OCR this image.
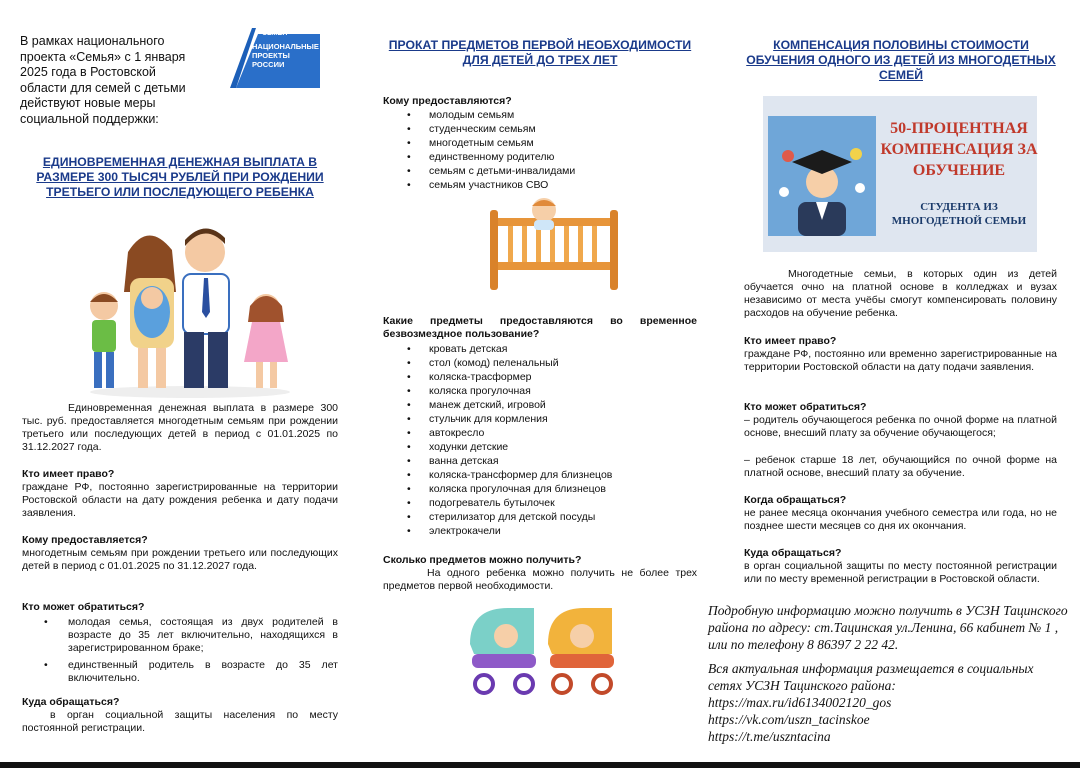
В рамках национального проекта «Семья» с 1 января 2025 года в Ростовской области для семей с детьми действуют новые меры социальной поддержки:
СЕМЬЯ
НАЦИОНАЛЬНЫЕ ПРОЕКТЫ РОССИИ
ЕДИНОВРЕМЕННАЯ ДЕНЕЖНАЯ ВЫПЛАТА В РАЗМЕРЕ 300 ТЫСЯЧ РУБЛЕЙ ПРИ РОЖДЕНИИ ТРЕТЬЕГО ИЛИ ПОСЛЕДУЮЩЕГО РЕБЕНКА
Единовременная денежная выплата в размере 300 тыс. руб. предоставляется многодетным семьям при рождении третьего или последующих детей в период с 01.01.2025 по 31.12.2027 года.
Кто имеет право?
граждане РФ, постоянно зарегистрированные на территории Ростовской области на дату рождения ребенка и дату подачи заявления.
Кому предоставляется?
многодетным семьям при рождении третьего или последующих детей в период с 01.01.2025 по 31.12.2027 года.
Кто может обратиться?
• молодая семья, состоящая из двух родителей в возрасте до 35 лет включительно, находящихся в зарегистрированном браке;
• единственный родитель в возрасте до 35 лет включительно.
Куда обращаться?
в орган социальной защиты населения по месту постоянной регистрации.
ПРОКАТ ПРЕДМЕТОВ ПЕРВОЙ НЕОБХОДИМОСТИ ДЛЯ ДЕТЕЙ ДО ТРЕХ ЛЕТ
Кому предоставляются?
• молодым семьям
• студенческим семьям
• многодетным семьям
• единственному родителю
• семьям с детьми-инвалидами
• семьям участников СВО
Какие предметы предоставляются во временное безвозмездное пользование?
• кровать детская
• стол (комод) пеленальный
• коляска-трасформер
• коляска прогулочная
• манеж детский, игровой
• стульчик для кормления
• автокресло
• ходунки детские
• ванна детская
• коляска-трансформер для близнецов
• коляска прогулочная для близнецов
• подогреватель бутылочек
• стерилизатор для детской посуды
• электрокачели
Сколько предметов можно получить?
На одного ребенка можно получить не более трех предметов первой необходимости.
КОМПЕНСАЦИЯ ПОЛОВИНЫ СТОИМОСТИ ОБУЧЕНИЯ ОДНОГО ИЗ ДЕТЕЙ ИЗ МНОГОДЕТНЫХ СЕМЕЙ
50-ПРОЦЕНТНАЯ КОМПЕНСАЦИЯ ЗА ОБУЧЕНИЕ
СТУДЕНТА ИЗ МНОГОДЕТНОЙ СЕМЬИ
Многодетные семьи, в которых один из детей обучается очно на платной основе в колледжах и вузах независимо от места учёбы смогут компенсировать половину расходов на обучение ребенка.
Кто имеет право?
граждане РФ, постоянно или временно зарегистрированные на территории Ростовской области на дату подачи заявления.
Кто может обратиться?
– родитель обучающегося ребенка по очной форме на платной основе, внесший плату за обучение обучающегося;
– ребенок старше 18 лет, обучающийся по очной форме на платной основе, внесший плату за обучение.
Когда обращаться?
не ранее месяца окончания учебного семестра или года, но не позднее шести месяцев со дня их окончания.
Куда обращаться?
в орган социальной защиты по месту постоянной регистрации или по месту временной регистрации в Ростовской области.
Подробную информацию можно получить в УСЗН Тацинского района по адресу: ст.Тацинская ул.Ленина, 66 кабинет № 1 , или по телефону 8 86397 2 22 42.
Вся актуальная информация размещается в социальных сетях УСЗН Тацинского района:
https://max.ru/id6134002120_gos
https://vk.com/uszn_tacinskoe
https://t.me/uszntacina
